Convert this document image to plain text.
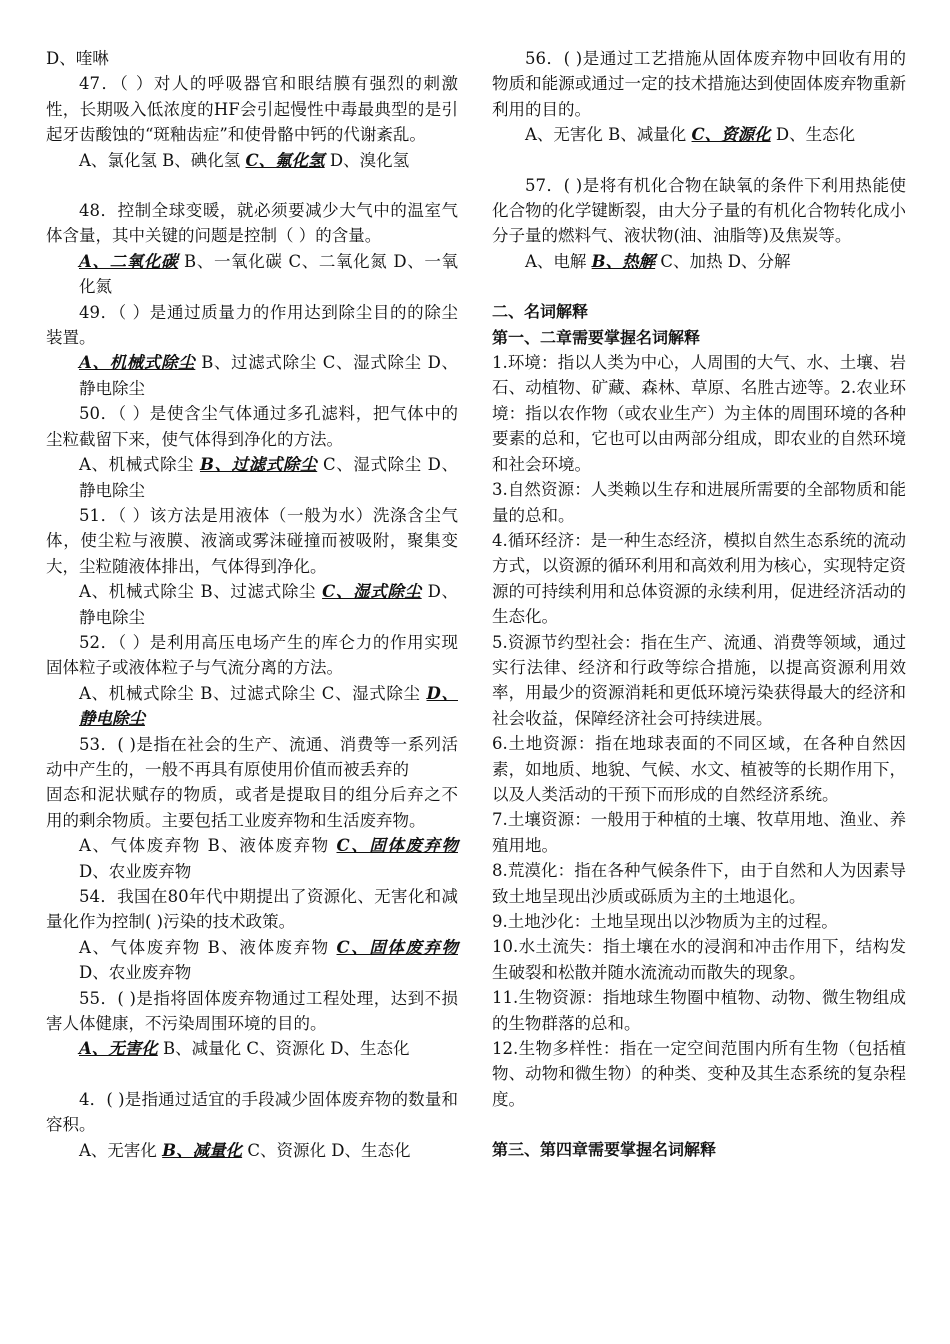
D、喹啉

47．（ ）对人的呼吸器官和眼结膜有强烈的刺激性，长期吸入低浓度的HF会引起慢性中毒最典型的是引起牙齿酸蚀的“斑釉齿症”和使骨骼中钙的代谢紊乱。

A、氯化氢 B、碘化氢 C、氟化氢 D、溴化氢

48．控制全球变暖，就必须要减少大气中的温室气体含量，其中关键的问题是控制（ ）的含量。

A、二氧化碳 B、一氧化碳 C、二氧化氮 D、一氧化氮

49．（ ）是通过质量力的作用达到除尘目的的除尘装置。

A、机械式除尘 B、过滤式除尘 C、湿式除尘 D、静电除尘

50．（ ）是使含尘气体通过多孔滤料，把气体中的尘粒截留下来，使气体得到净化的方法。

A、机械式除尘 B、过滤式除尘 C、湿式除尘 D、静电除尘

51．（ ）该方法是用液体（一般为水）洗涤含尘气体，使尘粒与液膜、液滴或雾沫碰撞而被吸附，聚集变大，尘粒随液体排出，气体得到净化。

A、机械式除尘 B、过滤式除尘 C、湿式除尘 D、静电除尘

52．（ ）是利用高压电场产生的库仑力的作用实现固体粒子或液体粒子与气流分离的方法。

A、机械式除尘 B、过滤式除尘 C、湿式除尘 D、静电除尘

53．( )是指在社会的生产、流通、消费等一系列活动中产生的，一般不再具有原使用价值而被丢弃的

固态和泥状赋存的物质，或者是提取目的组分后弃之不用的剩余物质。主要包括工业废弃物和生活废弃物。

A、气体废弃物 B、液体废弃物 C、固体废弃物 D、农业废弃物

54．我国在80年代中期提出了资源化、无害化和减量化作为控制( )污染的技术政策。

A、气体废弃物 B、液体废弃物 C、固体废弃物 D、农业废弃物

55．( )是指将固体废弃物通过工程处理，达到不损害人体健康，不污染周围环境的目的。

A、无害化 B、减量化 C、资源化 D、生态化

4．( )是指通过适宜的手段减少固体废弃物的数量和容积。

A、无害化 B、减量化 C、资源化 D、生态化

56．( )是通过工艺措施从固体废弃物中回收有用的物质和能源或通过一定的技术措施达到使固体废弃物重新利用的目的。

A、无害化 B、减量化 C、资源化 D、生态化

57．( )是将有机化合物在缺氧的条件下利用热能使化合物的化学键断裂，由大分子量的有机化合物转化成小分子量的燃料气、液状物(油、油脂等)及焦炭等。

A、电解 B、热解 C、加热 D、分解

二、名词解释

第一、二章需要掌握名词解释

1.环境：指以人类为中心，人周围的大气、水、土壤、岩石、动植物、矿藏、森林、草原、名胜古迹等。2.农业环境：指以农作物（或农业生产）为主体的周围环境的各种要素的总和，它也可以由两部分组成，即农业的自然环境和社会环境。

3.自然资源：人类赖以生存和进展所需要的全部物质和能量的总和。

4.循环经济：是一种生态经济，模拟自然生态系统的流动方式，以资源的循环利用和高效利用为核心，实现特定资源的可持续利用和总体资源的永续利用，促进经济活动的生态化。

5.资源节约型社会：指在生产、流通、消费等领域，通过实行法律、经济和行政等综合措施，以提高资源利用效率，用最少的资源消耗和更低环境污染获得最大的经济和社会收益，保障经济社会可持续进展。

6.土地资源：指在地球表面的不同区域，在各种自然因素，如地质、地貌、气候、水文、植被等的长期作用下，以及人类活动的干预下而形成的自然经济系统。

7.土壤资源：一般用于种植的土壤、牧草用地、渔业、养殖用地。

8.荒漠化：指在各种气候条件下，由于自然和人为因素导致土地呈现出沙质或砾质为主的土地退化。

9.土地沙化：土地呈现出以沙物质为主的过程。

10.水土流失：指土壤在水的浸润和冲击作用下，结构发生破裂和松散并随水流流动而散失的现象。

11.生物资源：指地球生物圈中植物、动物、微生物组成的生物群落的总和。

12.生物多样性：指在一定空间范围内所有生物（包括植物、动物和微生物）的种类、变种及其生态系统的复杂程度。

第三、第四章需要掌握名词解释
